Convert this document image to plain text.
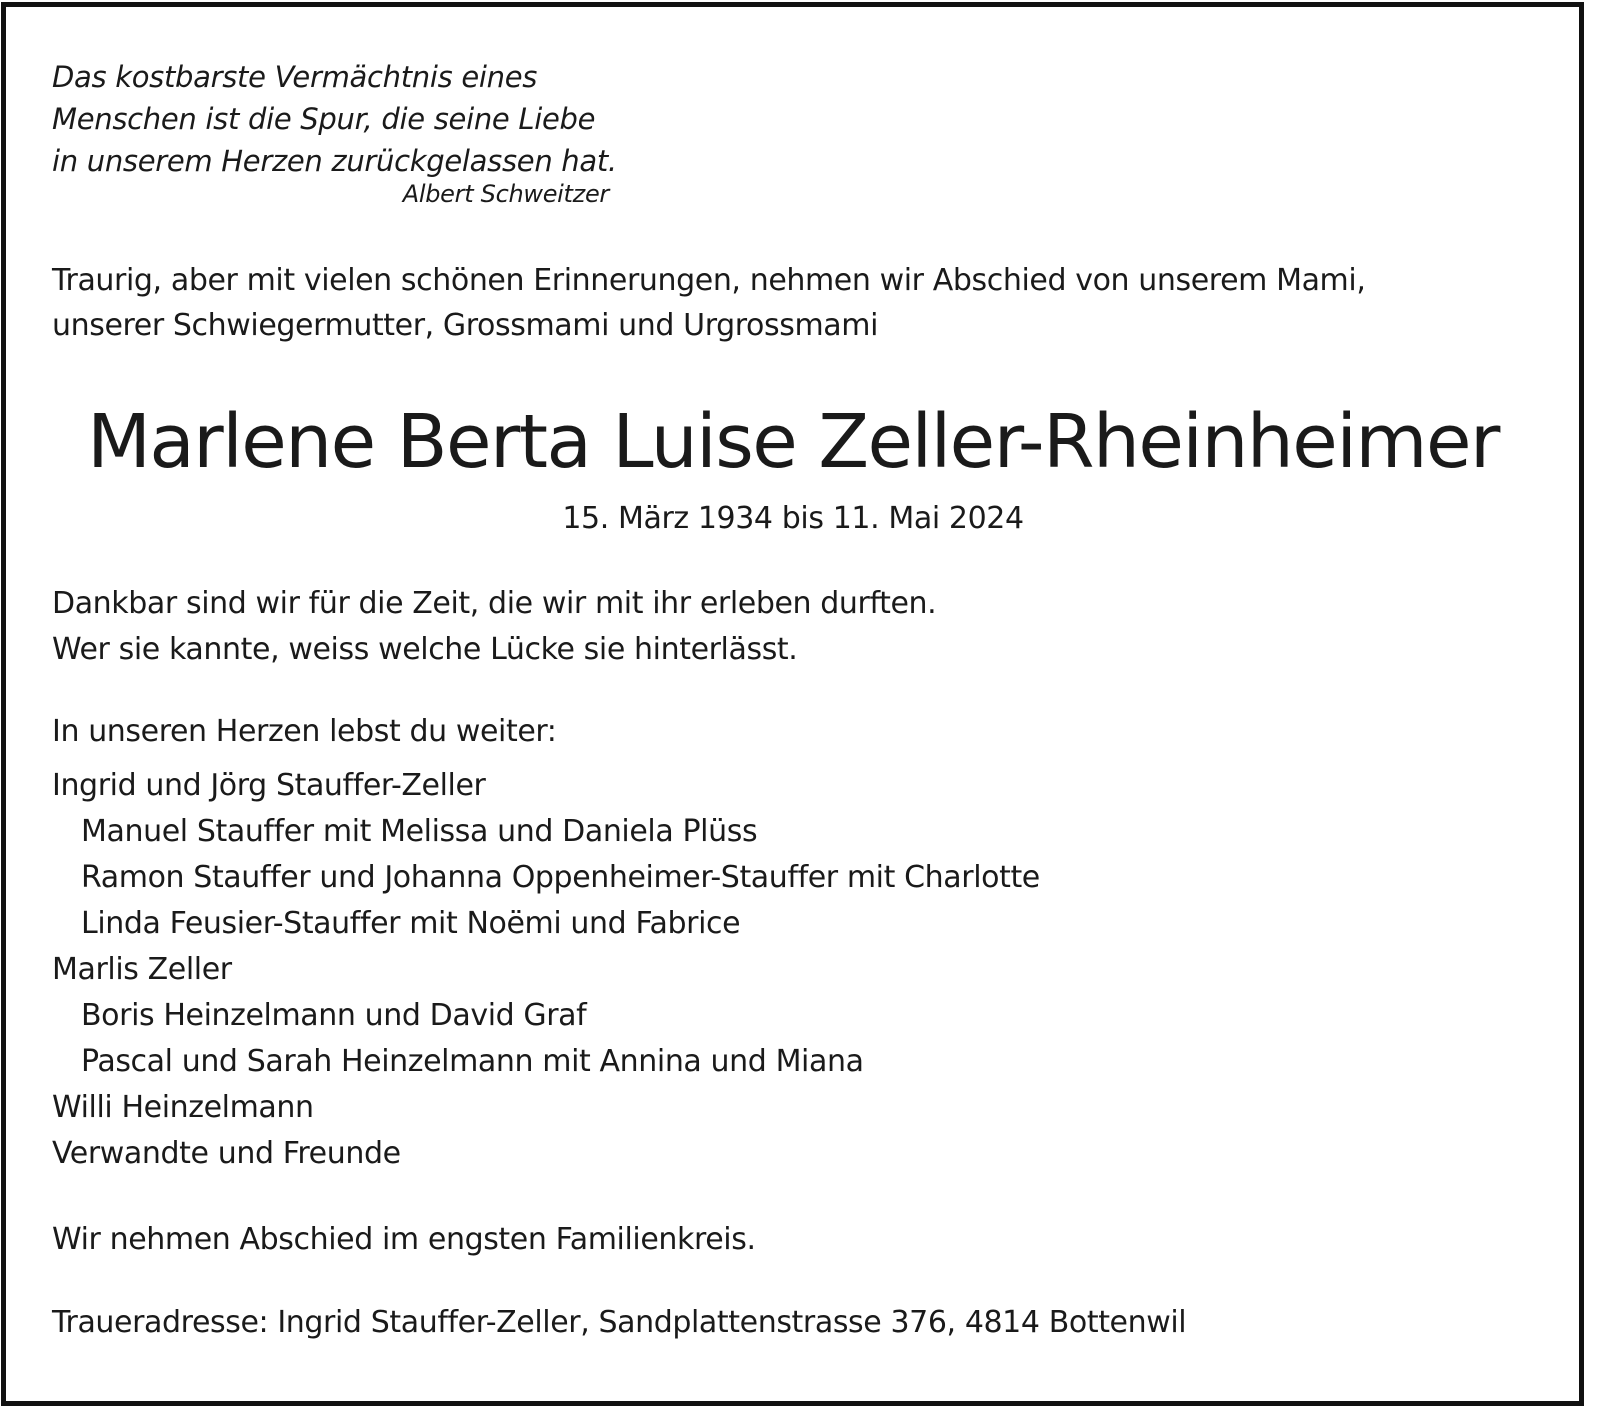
Das kostbarste Vermächtnis eines
Menschen ist die Spur, die seine Liebe
in unserem Herzen zurückgelassen hat.
Albert Schweitzer
Traurig, aber mit vielen schönen Erinnerungen, nehmen wir Abschied von unserem Mami,
unserer Schwiegermutter, Grossmami und Urgrossmami
Marlene Berta Luise Zeller-Rheinheimer
15. März 1934 bis 11. Mai 2024
Dankbar sind wir für die Zeit, die wir mit ihr erleben durften.
Wer sie kannte, weiss welche Lücke sie hinterlässt.
In unseren Herzen lebst du weiter:
Ingrid und Jörg Stauffer-Zeller
Manuel Stauffer mit Melissa und Daniela Plüss
Ramon Stauffer und Johanna Oppenheimer-Stauffer mit Charlotte
Linda Feusier-Stauffer mit Noëmi und Fabrice
Marlis Zeller
Boris Heinzelmann und David Graf
Pascal und Sarah Heinzelmann mit Annina und Miana
Willi Heinzelmann
Verwandte und Freunde
Wir nehmen Abschied im engsten Familienkreis.
Traueradresse: Ingrid Stauffer-Zeller, Sandplattenstrasse 376, 4814 Bottenwil
